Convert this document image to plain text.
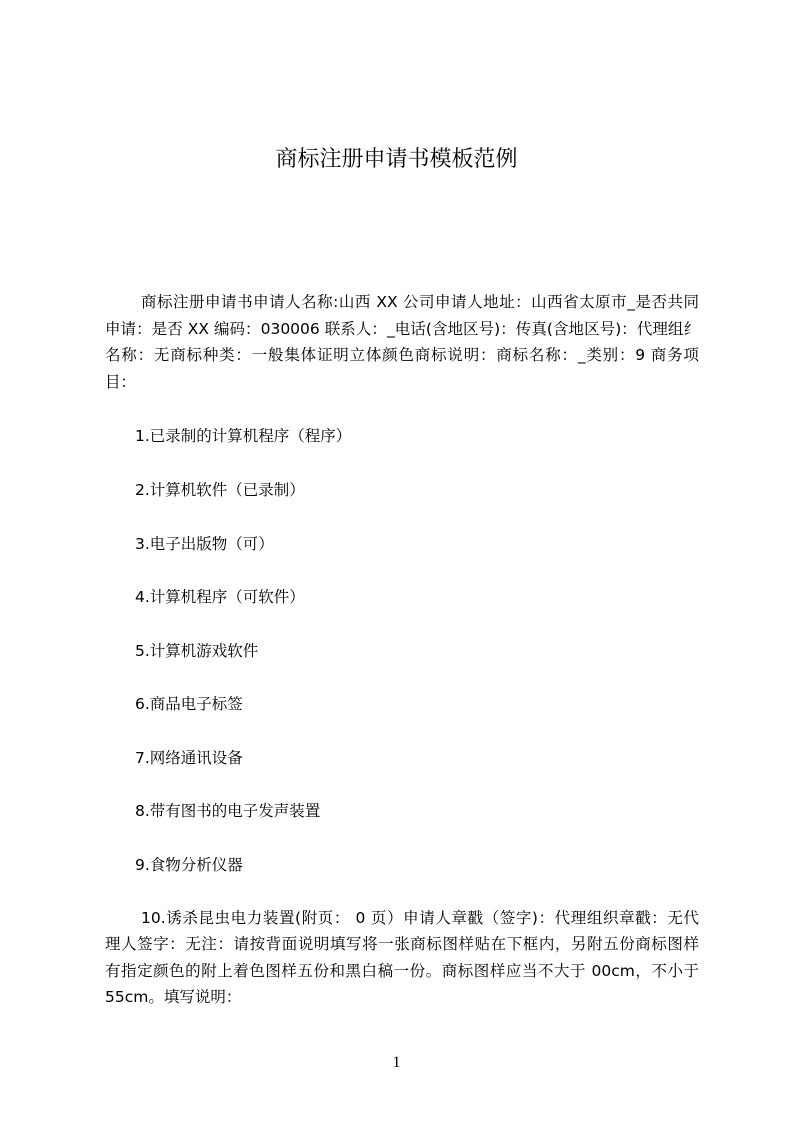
商标注册申请书模板范例
商标注册申请书申请人名称:山西 XX 公司申请人地址：山西省太原市_是否共同
申请：是否 XX 编码：030006 联系人：_电话(含地区号)：传真(含地区号)：代理组纟
名称：无商标种类：一般集体证明立体颜色商标说明：商标名称：_类别：9 商务项
目：
1.已录制的计算机程序（程序）
2.计算机软件（已录制）
3.电子出版物（可）
4.计算机程序（可软件）
5.计算机游戏软件
6.商品电子标签
7.网络通讯设备
8.带有图书的电子发声装置
9.食物分析仪器
10.诱杀昆虫电力装置(附页： 0 页）申请人章戳（签字)：代理组织章戳：无代
理人签字：无注：请按背面说明填写将一张商标图样贴在下框内，另附五份商标图样
有指定颜色的附上着色图样五份和黑白稿一份。商标图样应当不大于 00cm，不小于
55cm。填写说明：
1
